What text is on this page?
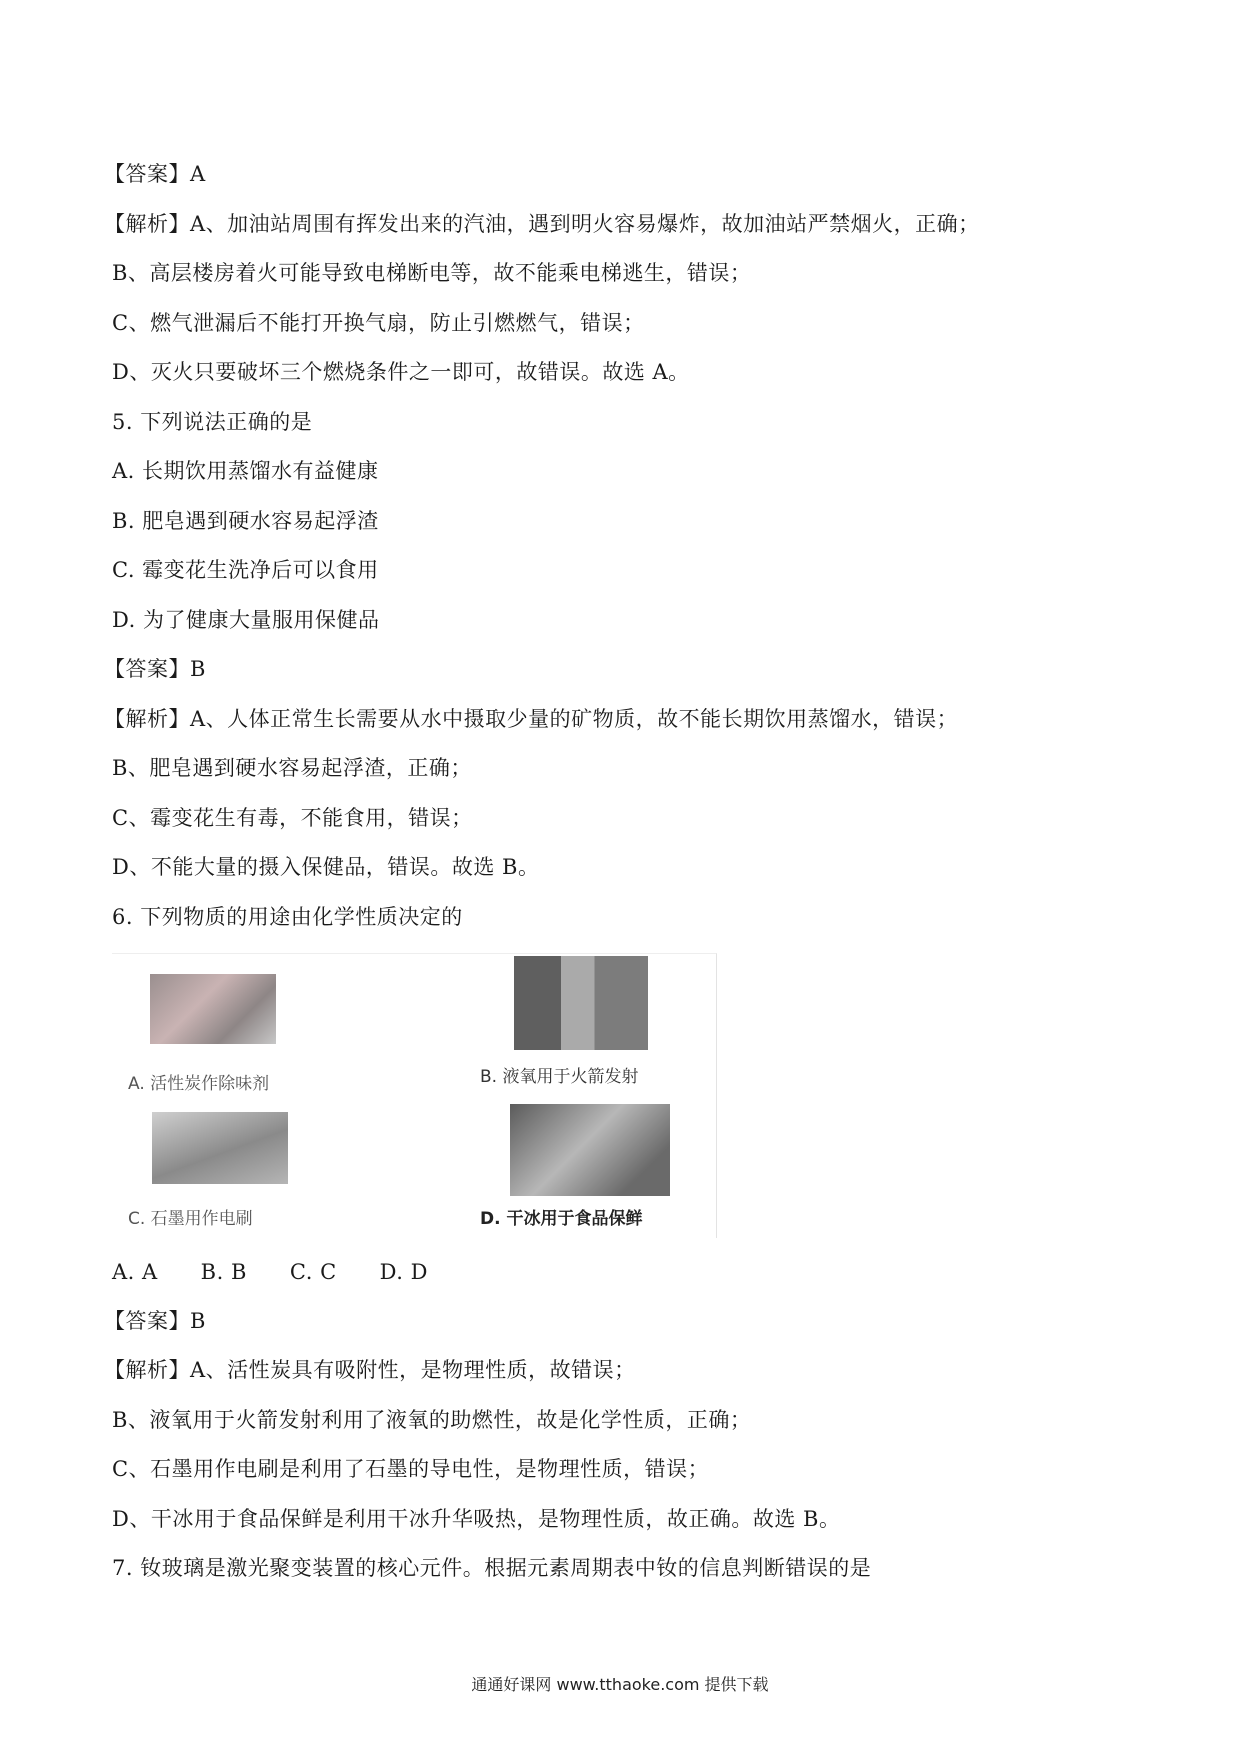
【答案】A
【解析】A、加油站周围有挥发出来的汽油，遇到明火容易爆炸，故加油站严禁烟火，正确；
B、高层楼房着火可能导致电梯断电等，故不能乘电梯逃生，错误；
C、燃气泄漏后不能打开换气扇，防止引燃燃气，错误；
D、灭火只要破坏三个燃烧条件之一即可，故错误。故选 A。
5. 下列说法正确的是
A. 长期饮用蒸馏水有益健康
B. 肥皂遇到硬水容易起浮渣
C. 霉变花生洗净后可以食用
D. 为了健康大量服用保健品
【答案】B
【解析】A、人体正常生长需要从水中摄取少量的矿物质，故不能长期饮用蒸馏水，错误；
B、肥皂遇到硬水容易起浮渣，正确；
C、霉变花生有毒，不能食用，错误；
D、不能大量的摄入保健品，错误。故选 B。
6. 下列物质的用途由化学性质决定的
A. 活性炭作除味剂	B. 液氧用于火箭发射
C. 石墨用作电刷	D. 干冰用于食品保鲜
A. A　　B. B　　C. C　　D. D
【答案】B
【解析】A、活性炭具有吸附性，是物理性质，故错误；
B、液氧用于火箭发射利用了液氧的助燃性，故是化学性质，正确；
C、石墨用作电刷是利用了石墨的导电性，是物理性质，错误；
D、干冰用于食品保鲜是利用干冰升华吸热，是物理性质，故正确。故选 B。
7. 钕玻璃是激光聚变装置的核心元件。根据元素周期表中钕的信息判断错误的是
通通好课网 www.tthaoke.com 提供下载
